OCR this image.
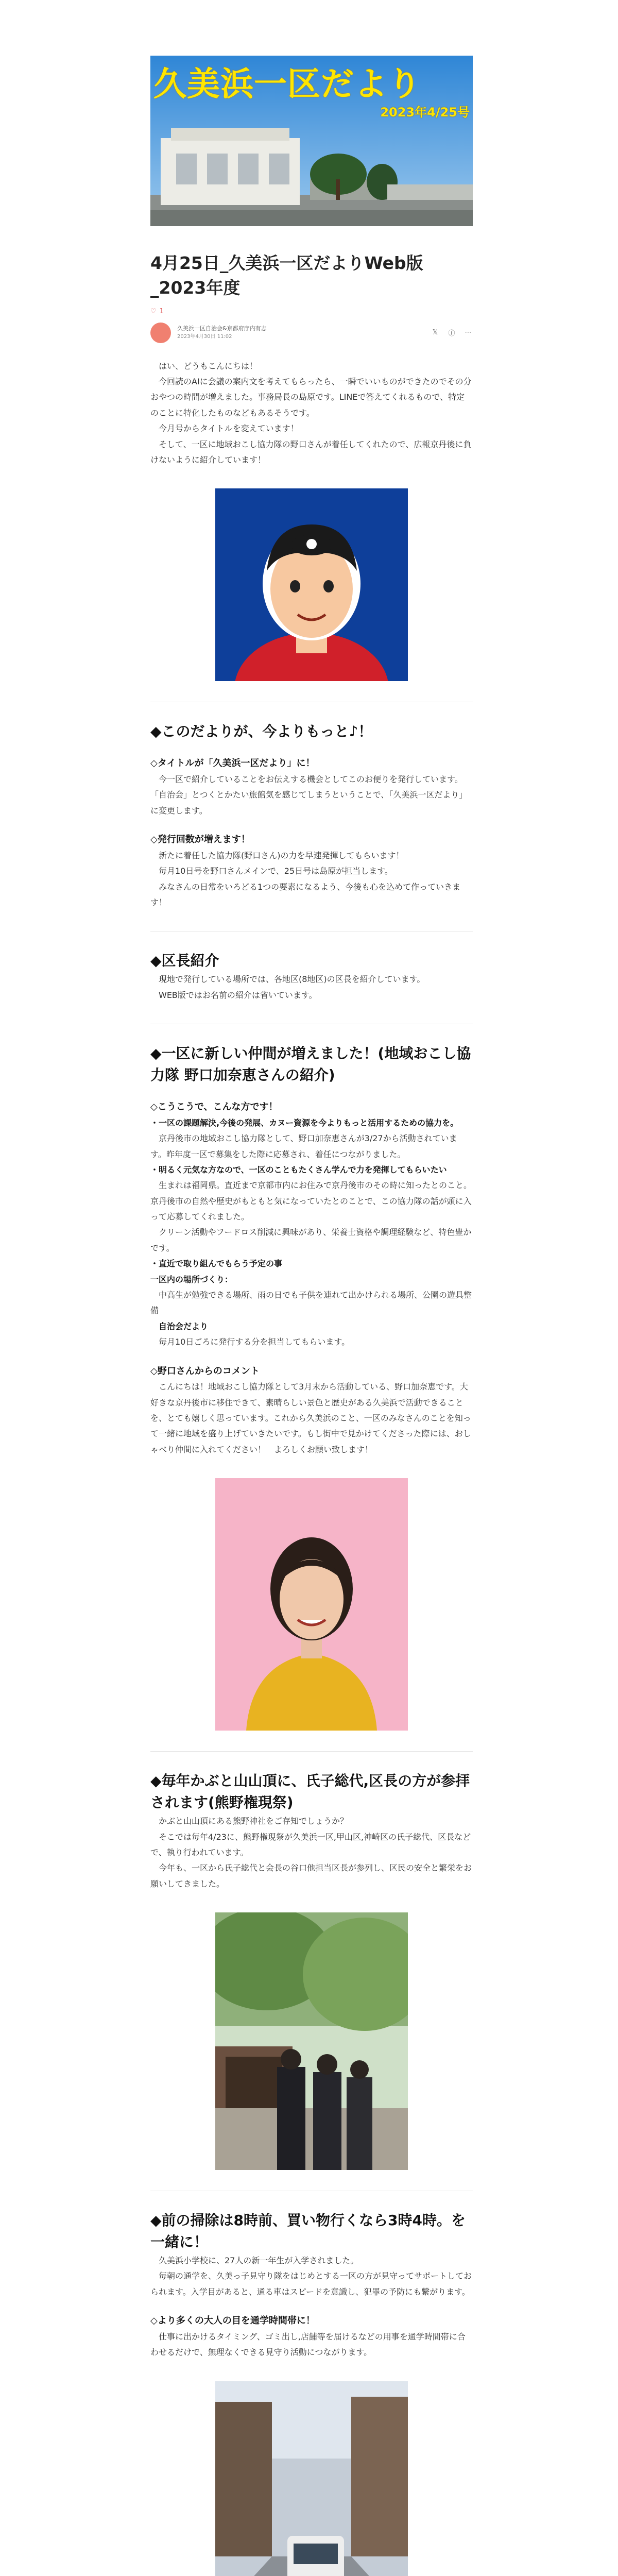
久美浜一区だより
2023年4/25号
4月25日_久美浜一区だよりWeb版_2023年度
♡ 1
久美浜一区自治会&京都府庁内有志
2023年4月30日 11:02
𝕏 ⓕ ⋯

はい、どうもこんにちは！

今回読のAIに会議の案内文を考えてもらったら、一瞬でいいものができたのでその分おやつの時間が増えました。事務局長の島原です。LINEで答えてくれるもので、特定のことに特化したものなどもあるそうです。

今月号からタイトルを変えています！

そして、一区に地域おこし協力隊の野口さんが着任してくれたので、広報京丹後に負けないように紹介しています！

◆このだよりが、今よりもっと♪！
◇タイトルが「久美浜一区だより」に！

今一区で紹介していることをお伝えする機会としてこのお便りを発行しています。「自治会」とつくとかたい旅館気を感じてしまうということで、「久美浜一区だより」に変更します。

◇発行回数が増えます！

新たに着任した協力隊(野口さん)の力を早速発揮してもらいます！

毎月10日号を野口さんメインで、25日号は島原が担当します。

みなさんの日常をいろどる1つの要素になるよう、今後も心を込めて作っていきます！

◆区長紹介

現地で発行している場所では、各地区(8地区)の区長を紹介しています。

WEB版ではお名前の紹介は省いています。

◆一区に新しい仲間が増えました！(地域おこし協力隊 野口加奈恵さんの紹介)
◇こうこうで、こんな方です！

・一区の課題解決,今後の発展、カヌー資源を今よりもっと活用するための協力を。

京丹後市の地域おこし協力隊として、野口加奈恵さんが3/27から活動されています。昨年度一区で募集をした際に応募され、着任につながりました。

・明るく元気な方なので、一区のこともたくさん学んで力を発揮してもらいたい

生まれは福岡県。直近まで京都市内にお住みで京丹後市のその時に知ったとのこと。京丹後市の自然や歴史がもともと気になっていたとのことで、この協力隊の話が頭に入って応募してくれました。

クリーン活動やフードロス削減に興味があり、栄養士資格や調理経験など、特色豊かです。

・直近で取り組んでもらう予定の事

一区内の場所づくり：

中高生が勉強できる場所、雨の日でも子供を連れて出かけられる場所、公園の遊具整備

自治会だより

毎月10日ごろに発行する分を担当してもらいます。

◇野口さんからのコメント

こんにちは！地域おこし協力隊として3月末から活動している、野口加奈恵です。大好きな京丹後市に移住できて、素晴らしい景色と歴史がある久美浜で活動できることを、とても嬉しく思っています。これから久美浜のこと、一区のみなさんのことを知って一緒に地域を盛り上げていきたいです。もし街中で見かけてくださった際には、おしゃべり仲間に入れてください！　よろしくお願い致します！

◆毎年かぶと山山頂に、氏子総代,区長の方が参拝されます(熊野権現祭)

かぶと山山頂にある熊野神社をご存知でしょうか？

そこでは毎年4/23に、熊野権現祭が久美浜一区,甲山区,神崎区の氏子総代、区長などで、執り行われています。

今年も、一区から氏子総代と会長の谷口他担当区長が参列し、区民の安全と繁栄をお願いしてきました。

◆前の掃除は8時前、買い物行くなら3時4時。を一緒に！

久美浜小学校に、27人の新一年生が入学されました。

毎朝の通学を、久美っ子見守り隊をはじめとする一区の方が見守ってサポートしておられます。入学目があると、通る車はスピードを意識し、犯罪の予防にも繋がります。

◇より多くの大人の目を通学時間帯に！

仕事に出かけるタイミング、ゴミ出し,店舗等を届けるなどの用事を通学時間帯に合わせるだけで、無理なくできる見守り活動につながります。
